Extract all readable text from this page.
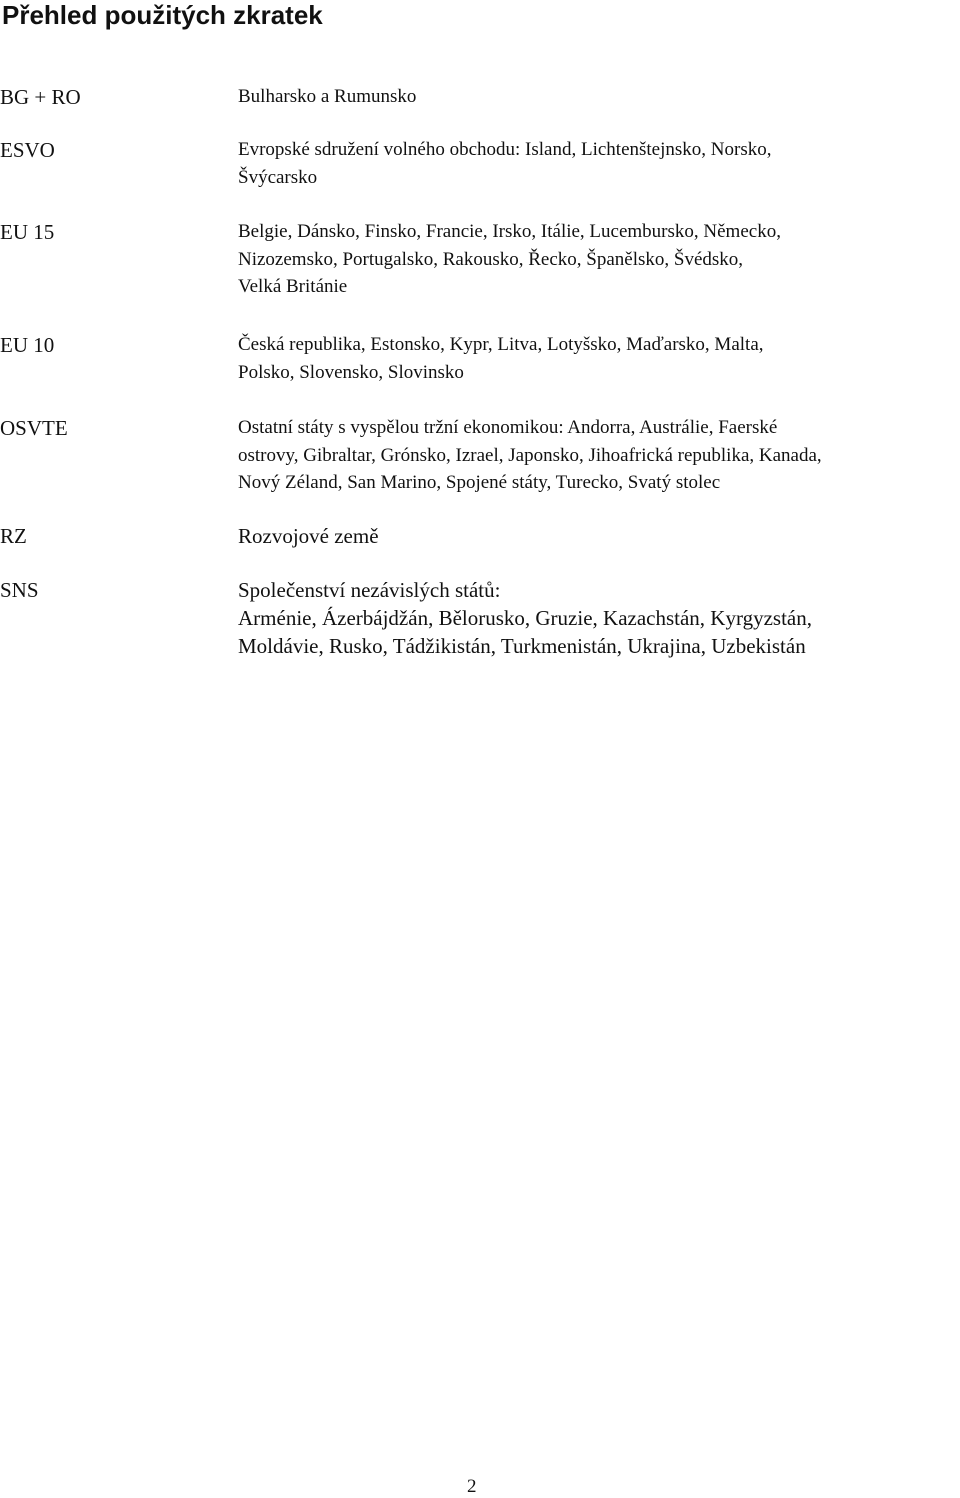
Přehled použitých zkratek
BG + RO	Bulharsko a Rumunsko
ESVO	Evropské sdružení volného obchodu: Island, Lichtenštejnsko, Norsko,
Švýcarsko
EU 15	Belgie, Dánsko, Finsko, Francie, Irsko, Itálie, Lucembursko, Německo,
Nizozemsko, Portugalsko, Rakousko, Řecko, Španělsko, Švédsko,
Velká Británie
EU 10	Česká republika, Estonsko, Kypr, Litva, Lotyšsko, Maďarsko, Malta,
Polsko, Slovensko, Slovinsko
OSVTE	Ostatní státy s vyspělou tržní ekonomikou: Andorra, Austrálie, Faerské
ostrovy, Gibraltar, Grónsko, Izrael, Japonsko, Jihoafrická republika, Kanada,
Nový Zéland, San Marino, Spojené státy, Turecko, Svatý stolec
RZ	Rozvojové země
SNS	Společenství nezávislých států:
Arménie, Ázerbájdžán, Bělorusko, Gruzie, Kazachstán, Kyrgyzstán,
Moldávie, Rusko, Tádžikistán, Turkmenistán, Ukrajina, Uzbekistán
2
